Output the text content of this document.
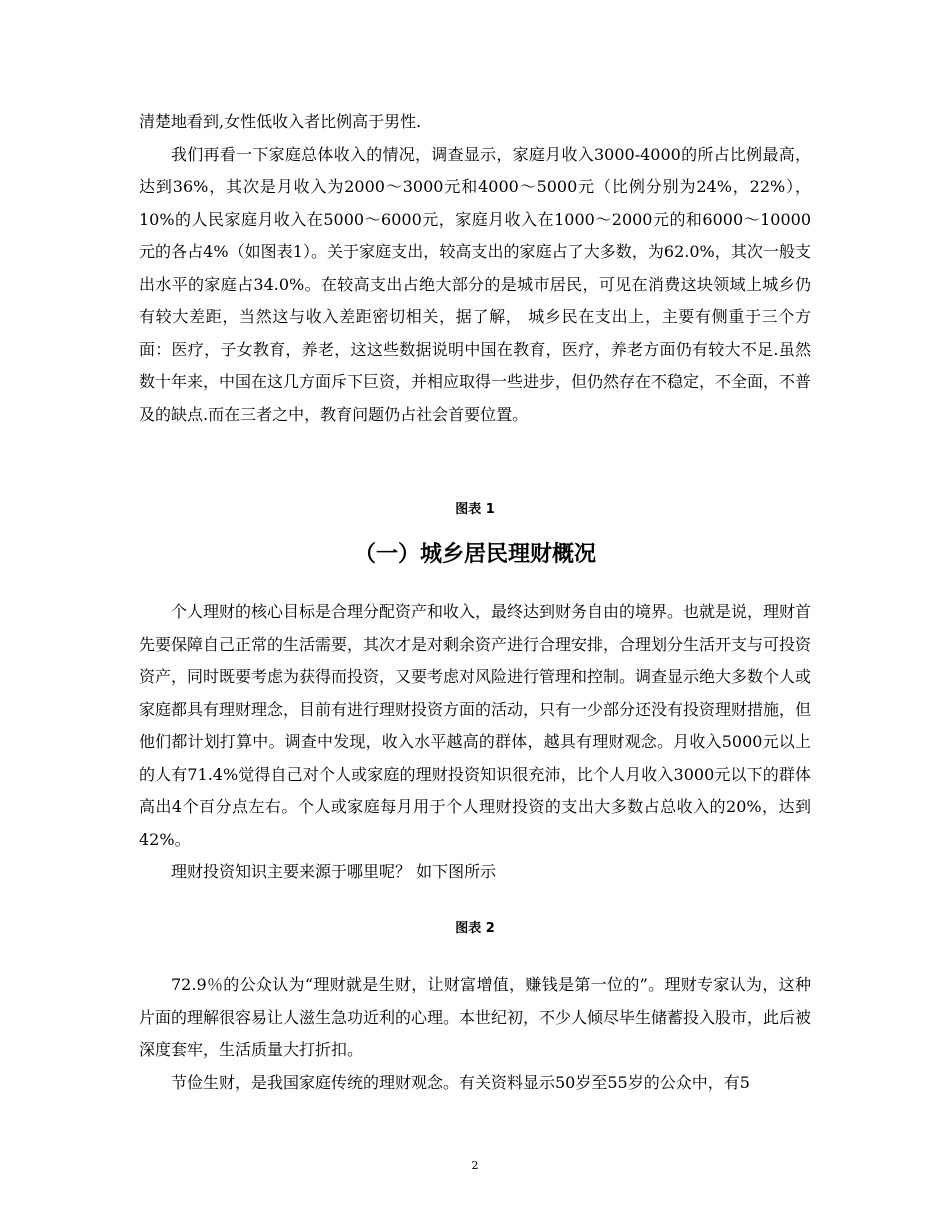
清楚地看到,女性低收入者比例高于男性.

我们再看一下家庭总体收入的情况，调查显示，家庭月收入3000-4000的所占比例最高，达到36%，其次是月收入为2000～3000元和4000～5000元（比例分别为24%，22%），10%的人民家庭月收入在5000～6000元，家庭月收入在1000～2000元的和6000～10000元的各占4%（如图表1）。关于家庭支出，较高支出的家庭占了大多数，为62.0%，其次一般支出水平的家庭占34.0%。在较高支出占绝大部分的是城市居民，可见在消费这块领域上城乡仍有较大差距，当然这与收入差距密切相关，据了解， 城乡民在支出上，主要有侧重于三个方面：医疗，子女教育，养老，这这些数据说明中国在教育，医疗，养老方面仍有较大不足.虽然数十年来，中国在这几方面斥下巨资，并相应取得一些进步，但仍然存在不稳定，不全面，不普及的缺点.而在三者之中，教育问题仍占社会首要位置。

图表 1
（一）城乡居民理财概况

个人理财的核心目标是合理分配资产和收入，最终达到财务自由的境界。也就是说，理财首先要保障自己正常的生活需要，其次才是对剩余资产进行合理安排，合理划分生活开支与可投资资产，同时既要考虑为获得而投资，又要考虑对风险进行管理和控制。调查显示绝大多数个人或家庭都具有理财理念，目前有进行理财投资方面的活动，只有一少部分还没有投资理财措施，但他们都计划打算中。调查中发现，收入水平越高的群体，越具有理财观念。月收入5000元以上的人有71.4%觉得自己对个人或家庭的理财投资知识很充沛，比个人月收入3000元以下的群体高出4个百分点左右。个人或家庭每月用于个人理财投资的支出大多数占总收入的20%，达到42%。

理财投资知识主要来源于哪里呢？ 如下图所示

图表 2

72.9％的公众认为“理财就是生财，让财富增值，赚钱是第一位的”。理财专家认为，这种片面的理解很容易让人滋生急功近利的心理。本世纪初，不少人倾尽毕生储蓄投入股市，此后被深度套牢，生活质量大打折扣。

节俭生财，是我国家庭传统的理财观念。有关资料显示50岁至55岁的公众中，有5

2
